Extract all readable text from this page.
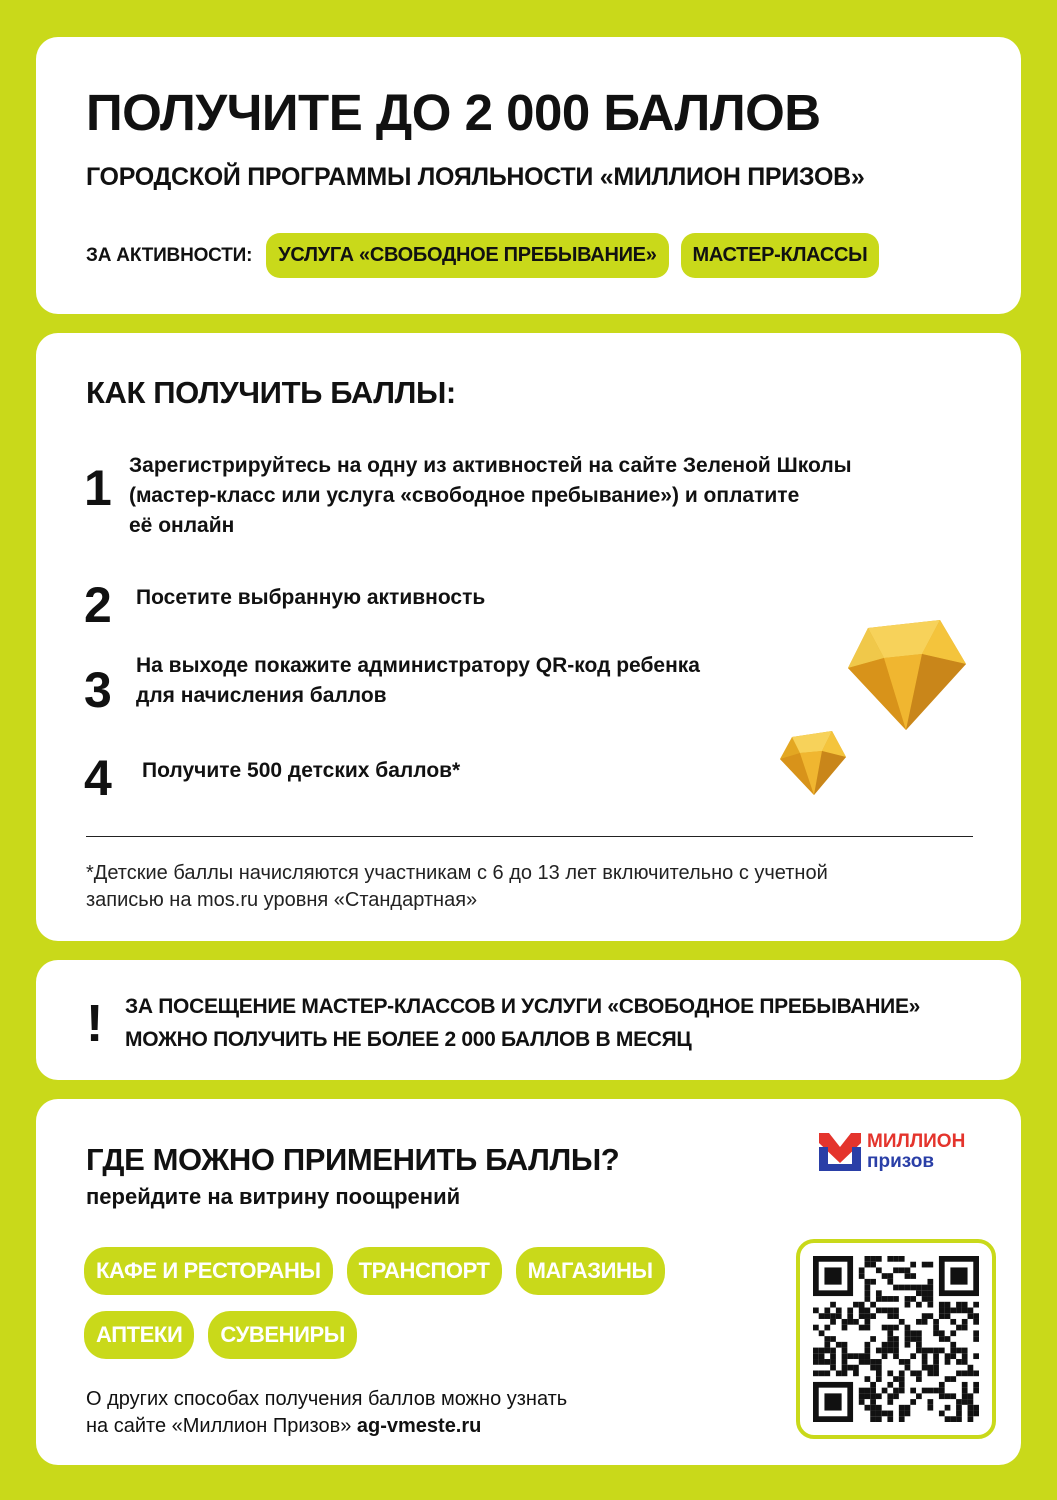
ПОЛУЧИТЕ ДО 2 000 БАЛЛОВ
ГОРОДСКОЙ ПРОГРАММЫ ЛОЯЛЬНОСТИ «МИЛЛИОН ПРИЗОВ»
ЗА АКТИВНОСТИ:	УСЛУГА «СВОБОДНОЕ ПРЕБЫВАНИЕ»	МАСТЕР-КЛАССЫ
КАК ПОЛУЧИТЬ БАЛЛЫ:
1 Зарегистрируйтесь на одну из активностей на сайте Зеленой Школы
(мастер-класс или услуга «свободное пребывание») и оплатите
её онлайн
2	Посетите выбранную активность
3	На выходе покажите администратору QR-код ребенка
для начисления баллов
4	Получите 500 детских баллов*
*Детские баллы начисляются участникам с 6 до 13 лет включительно с учетной
записью на mos.ru уровня «Стандартная»
! ЗА ПОСЕЩЕНИЕ МАСТЕР-КЛАССОВ И УСЛУГИ «СВОБОДНОЕ ПРЕБЫВАНИЕ»
МОЖНО ПОЛУЧИТЬ НЕ БОЛЕЕ 2 000 БАЛЛОВ В МЕСЯЦ
ГДЕ МОЖНО ПРИМЕНИТЬ БАЛЛЫ?
перейдите на витрину поощрений
КАФЕ И РЕСТОРАНЫ	ТРАНСПОРТ	МАГАЗИНЫ
АПТЕКИ	СУВЕНИРЫ
О других способах получения баллов можно узнать
на сайте «Миллион Призов» ag-vmeste.ru
МИЛЛИОН
призов
